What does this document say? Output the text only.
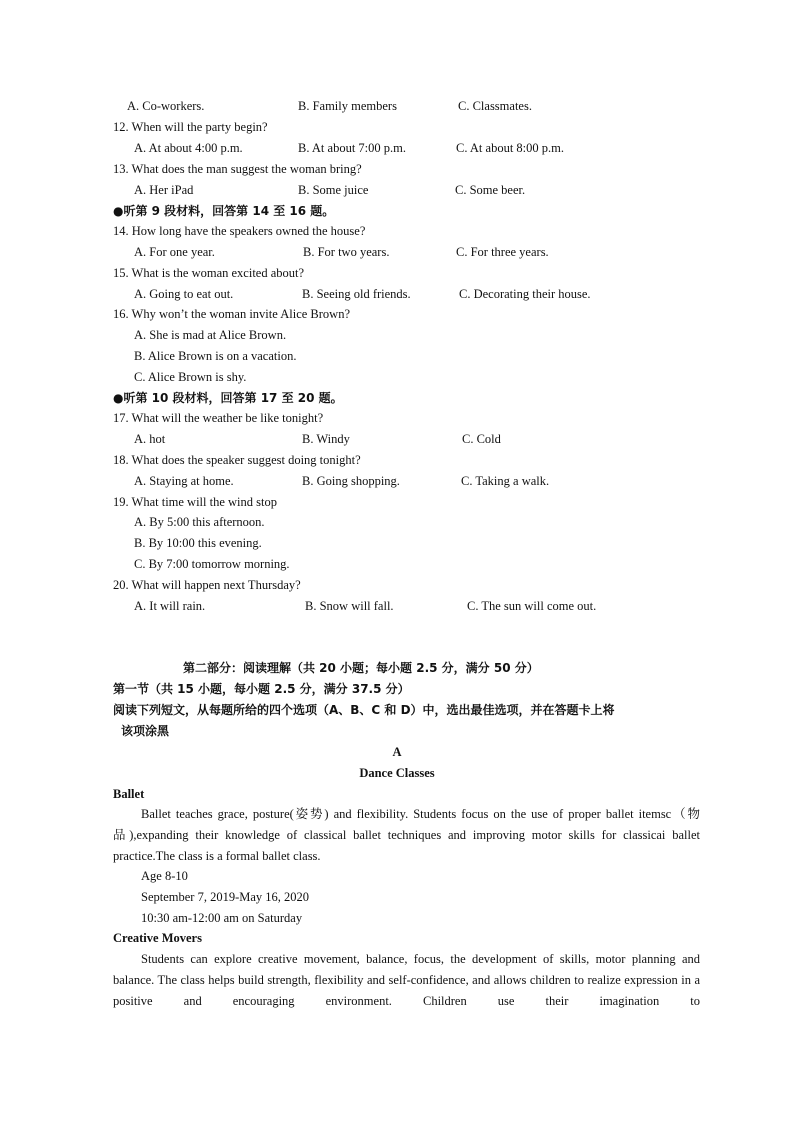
A. Co-workers.	B. Family members	C. Classmates.
12. When will the party begin?
A. At about 4:00 p.m.	B. At about 7:00 p.m.	C. At about 8:00 p.m.
13. What does the man suggest the woman bring?
A. Her iPad	B. Some juice	C. Some beer.
●听第 9 段材料，回答第 14 至 16 题。
14. How long have the speakers owned the house?
A. For one year.	B. For two years.	C. For three years.
15. What is the woman excited about?
A. Going to eat out.	B. Seeing old friends.	C. Decorating their house.
16. Why won’t the woman invite Alice Brown?
A. She is mad at Alice Brown.
B. Alice Brown is on a vacation.
C. Alice Brown is shy.
●听第 10 段材料，回答第 17 至 20 题。
17. What will the weather be like tonight?
A. hot	B. Windy	C. Cold
18. What does the speaker suggest doing tonight?
A. Staying at home.	B. Going shopping.	C. Taking a walk.
19. What time will the wind stop
A. By 5:00 this afternoon.
B. By 10:00 this evening.
C. By 7:00 tomorrow morning.
20. What will happen next Thursday?
A. It will rain.	B. Snow will fall.	C. The sun will come out.
第二部分：阅读理解（共 20 小题；每小题 2.5 分，满分 50 分）
第一节（共 15 小题，每小题 2.5 分，满分 37.5 分）
阅读下列短文，从每题所给的四个选项（A、B、C 和 D）中，选出最佳选项，并在答题卡上将
该项涂黑
A
Dance Classes
Ballet
Ballet teaches grace, posture(姿势) and flexibility. Students focus on the use of proper ballet itemsc（物品),expanding their knowledge of classical ballet techniques and improving motor skills for classicai ballet practice.The class is a formal ballet class.
Age 8-10
September 7, 2019-May 16, 2020
10:30 am-12:00 am on Saturday
Creative Movers
Students can explore creative movement, balance, focus, the development of skills, motor planning and balance. The class helps build strength, flexibility and self-confidence, and allows children to realize expression in a positive and encouraging environment. Children use their imagination to
